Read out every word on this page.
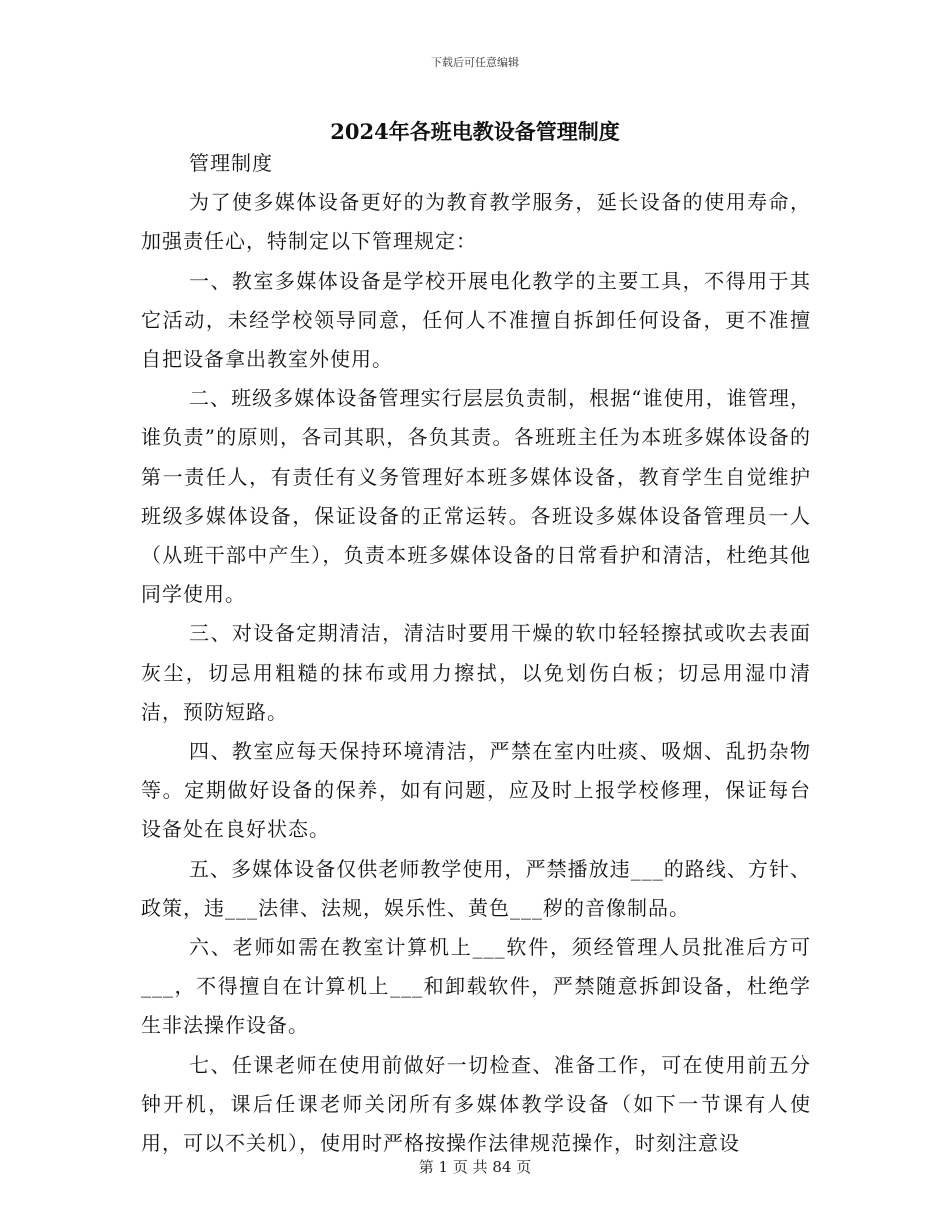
下载后可任意编辑
2024年各班电教设备管理制度

管理制度

为了使多媒体设备更好的为教育教学服务，延长设备的使用寿命，加强责任心，特制定以下管理规定：

一、教室多媒体设备是学校开展电化教学的主要工具，不得用于其它活动，未经学校领导同意，任何人不准擅自拆卸任何设备，更不准擅自把设备拿出教室外使用。

二、班级多媒体设备管理实行层层负责制，根据“谁使用，谁管理，谁负责”的原则，各司其职，各负其责。各班班主任为本班多媒体设备的第一责任人，有责任有义务管理好本班多媒体设备，教育学生自觉维护班级多媒体设备，保证设备的正常运转。各班设多媒体设备管理员一人（从班干部中产生），负责本班多媒体设备的日常看护和清洁，杜绝其他同学使用。

三、对设备定期清洁，清洁时要用干燥的软巾轻轻擦拭或吹去表面灰尘，切忌用粗糙的抹布或用力擦拭，以免划伤白板；切忌用湿巾清洁，预防短路。

四、教室应每天保持环境清洁，严禁在室内吐痰、吸烟、乱扔杂物等。定期做好设备的保养，如有问题，应及时上报学校修理，保证每台设备处在良好状态。

五、多媒体设备仅供老师教学使用，严禁播放违___的路线、方针、政策，违___法律、法规，娱乐性、黄色___秽的音像制品。

六、老师如需在教室计算机上___软件，须经管理人员批准后方可___，不得擅自在计算机上___和卸载软件，严禁随意拆卸设备，杜绝学生非法操作设备。

七、任课老师在使用前做好一切检查、准备工作，可在使用前五分钟开机，课后任课老师关闭所有多媒体教学设备（如下一节课有人使用，可以不关机），使用时严格按操作法律规范操作，时刻注意设

第 1 页 共 84 页
